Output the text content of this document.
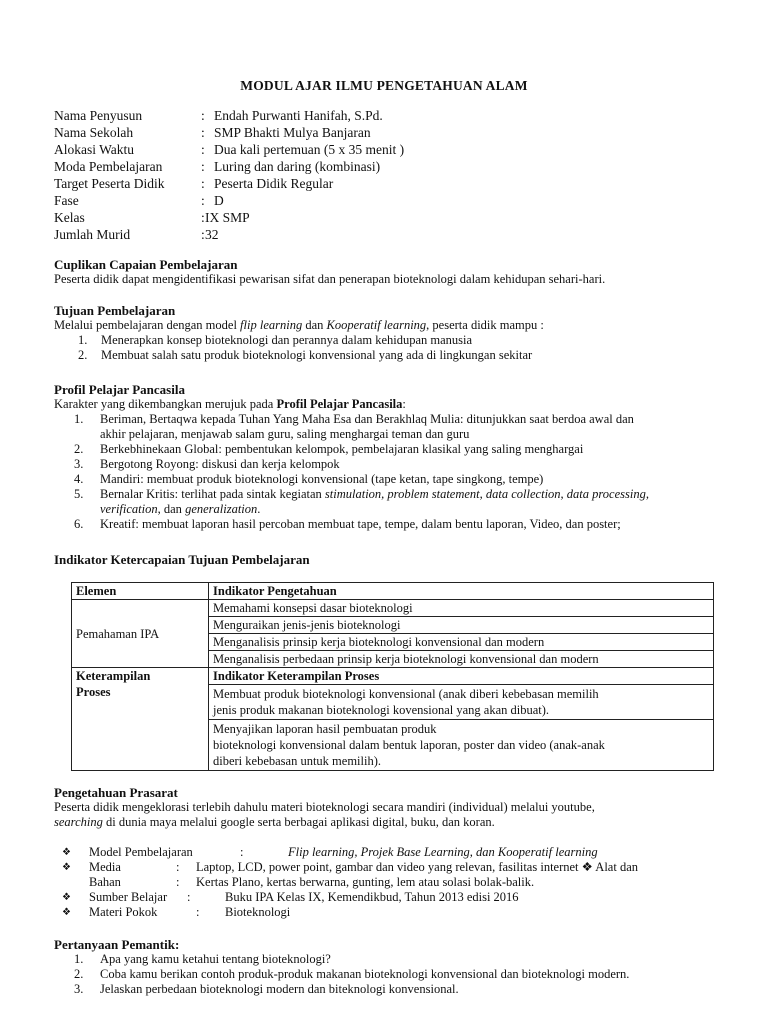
MODUL AJAR ILMU PENGETAHUAN ALAM
Nama Penyusun	: Endah Purwanti Hanifah, S.Pd.
Nama Sekolah	: SMP Bhakti Mulya Banjaran
Alokasi Waktu	: Dua kali pertemuan (5 x 35 menit )
Moda Pembelajaran	: Luring dan daring (kombinasi)
Target Peserta Didik	: Peserta Didik Regular
Fase	: D
Kelas	: IX SMP
Jumlah Murid	: 32
Cuplikan Capaian Pembelajaran
Peserta didik dapat mengidentifikasi pewarisan sifat dan penerapan bioteknologi dalam kehidupan sehari-hari.
Tujuan Pembelajaran
Melalui pembelajaran dengan model flip learning dan Kooperatif learning, peserta didik mampu :
1. Menerapkan konsep bioteknologi dan perannya dalam kehidupan manusia
2. Membuat salah satu produk bioteknologi konvensional yang ada di lingkungan sekitar
Profil Pelajar Pancasila
Karakter yang dikembangkan merujuk pada Profil Pelajar Pancasila:
1. Beriman, Bertaqwa kepada Tuhan Yang Maha Esa dan Berakhlaq Mulia: ditunjukkan saat berdoa awal dan
akhir pelajaran, menjawab salam guru, saling menghargai teman dan guru
2. Berkebhinekaan Global: pembentukan kelompok, pembelajaran klasikal yang saling menghargai
3. Bergotong Royong: diskusi dan kerja kelompok
4. Mandiri: membuat produk bioteknologi konvensional (tape ketan, tape singkong, tempe)
5. Bernalar Kritis: terlihat pada sintak kegiatan stimulation, problem statement, data collection, data processing,
verification, dan generalization.
6. Kreatif: membuat laporan hasil percoban membuat tape, tempe, dalam bentu laporan, Video, dan poster;
Indikator Ketercapaian Tujuan Pembelajaran
Elemen	Indikator Pengetahuan
Pemahaman IPA	Memahami konsepsi dasar bioteknologi
	Menguraikan jenis-jenis bioteknologi
	Menganalisis prinsip kerja bioteknologi konvensional dan modern
	Menganalisis perbedaan prinsip kerja bioteknologi konvensional dan modern
Keterampilan
Proses	Indikator Keterampilan Proses
	Membuat produk bioteknologi konvensional (anak diberi kebebasan memilih
jenis produk makanan bioteknologi kovensional yang akan dibuat).
	Menyajikan laporan hasil pembuatan produk
bioteknologi konvensional dalam bentuk laporan, poster dan video (anak-anak
diberi kebebasan untuk memilih).
Pengetahuan Prasarat
Peserta didik mengeklorasi terlebih dahulu materi bioteknologi secara mandiri (individual) melalui youtube,
searching di dunia maya melalui google serta berbagai aplikasi digital, buku, dan koran.
❖ Model Pembelajaran	:	Flip learning, Projek Base Learning, dan Kooperatif learning
❖ Media	: Laptop, LCD, power point, gambar dan video yang relevan, fasilitas internet ❖ Alat dan
Bahan	: Kertas Plano, kertas berwarna, gunting, lem atau solasi bolak-balik.
❖ Sumber Belajar :	Buku IPA Kelas IX, Kemendikbud, Tahun 2013 edisi 2016
❖ Materi Pokok	: Bioteknologi
Pertanyaan Pemantik:
1. Apa yang kamu ketahui tentang bioteknologi?
2. Coba kamu berikan contoh produk-produk makanan bioteknologi konvensional dan bioteknologi modern.
3. Jelaskan perbedaan bioteknologi modern dan biteknologi konvensional.
